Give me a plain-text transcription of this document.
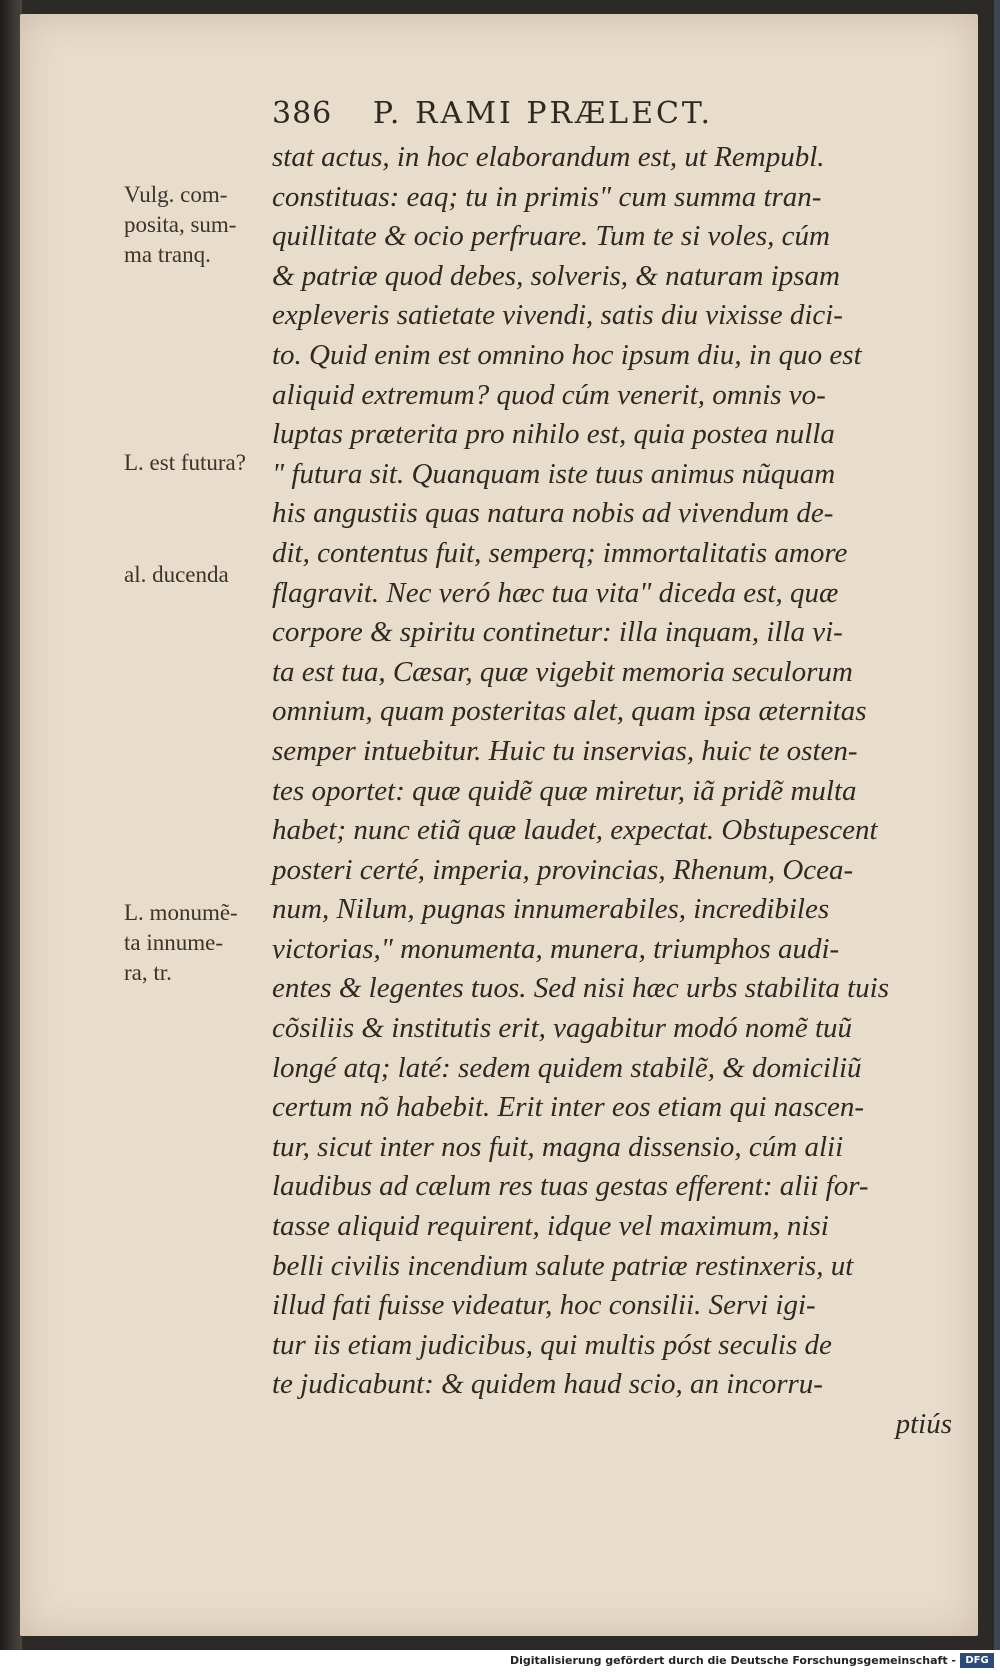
386 P. RAMI PRÆLECT.
stat actus, in hoc elaborandum est, ut Rempubl.
constituas: eaq; tu in primis" cum summa tran-
quillitate & ocio perfruare. Tum te si voles, cúm
& patriæ quod debes, solveris, & naturam ipsam
expleveris satietate vivendi, satis diu vixisse dici-
to. Quid enim est omnino hoc ipsum diu, in quo est
aliquid extremum? quod cúm venerit, omnis vo-
luptas præterita pro nihilo est, quia postea nulla
" futura sit. Quanquam iste tuus animus nũquam
his angustiis quas natura nobis ad vivendum de-
dit, contentus fuit, semperq; immortalitatis amore
flagravit. Nec veró hæc tua vita" diceda est, quæ
corpore & spiritu continetur: illa inquam, illa vi-
ta est tua, Cæsar, quæ vigebit memoria seculorum
omnium, quam posteritas alet, quam ipsa æternitas
semper intuebitur. Huic tu inservias, huic te osten-
tes oportet: quæ quidẽ quæ miretur, iã pridẽ multa
habet; nunc etiã quæ laudet, expectat. Obstupescent
posteri certé, imperia, provincias, Rhenum, Ocea-
num, Nilum, pugnas innumerabiles, incredibiles
victorias," monumenta, munera, triumphos audi-
entes & legentes tuos. Sed nisi hæc urbs stabilita tuis
cõsiliis & institutis erit, vagabitur modó nomẽ tuũ
longé atq; laté: sedem quidem stabilẽ, & domiciliũ
certum nõ habebit. Erit inter eos etiam qui nascen-
tur, sicut inter nos fuit, magna dissensio, cúm alii
laudibus ad cælum res tuas gestas efferent: alii for-
tasse aliquid requirent, idque vel maximum, nisi
belli civilis incendium salute patriæ restinxeris, ut
illud fati fuisse videatur, hoc consilii. Servi igi-
tur iis etiam judicibus, qui multis póst seculis de
te judicabunt: & quidem haud scio, an incorru-
ptiús
Vulg. com-
posita, sum-
ma tranq.
L. est futura?
al. ducenda
L. monumẽ-
ta innume-
ra, tr.
Digitalisierung gefördert durch die Deutsche Forschungsgemeinschaft - DFG
